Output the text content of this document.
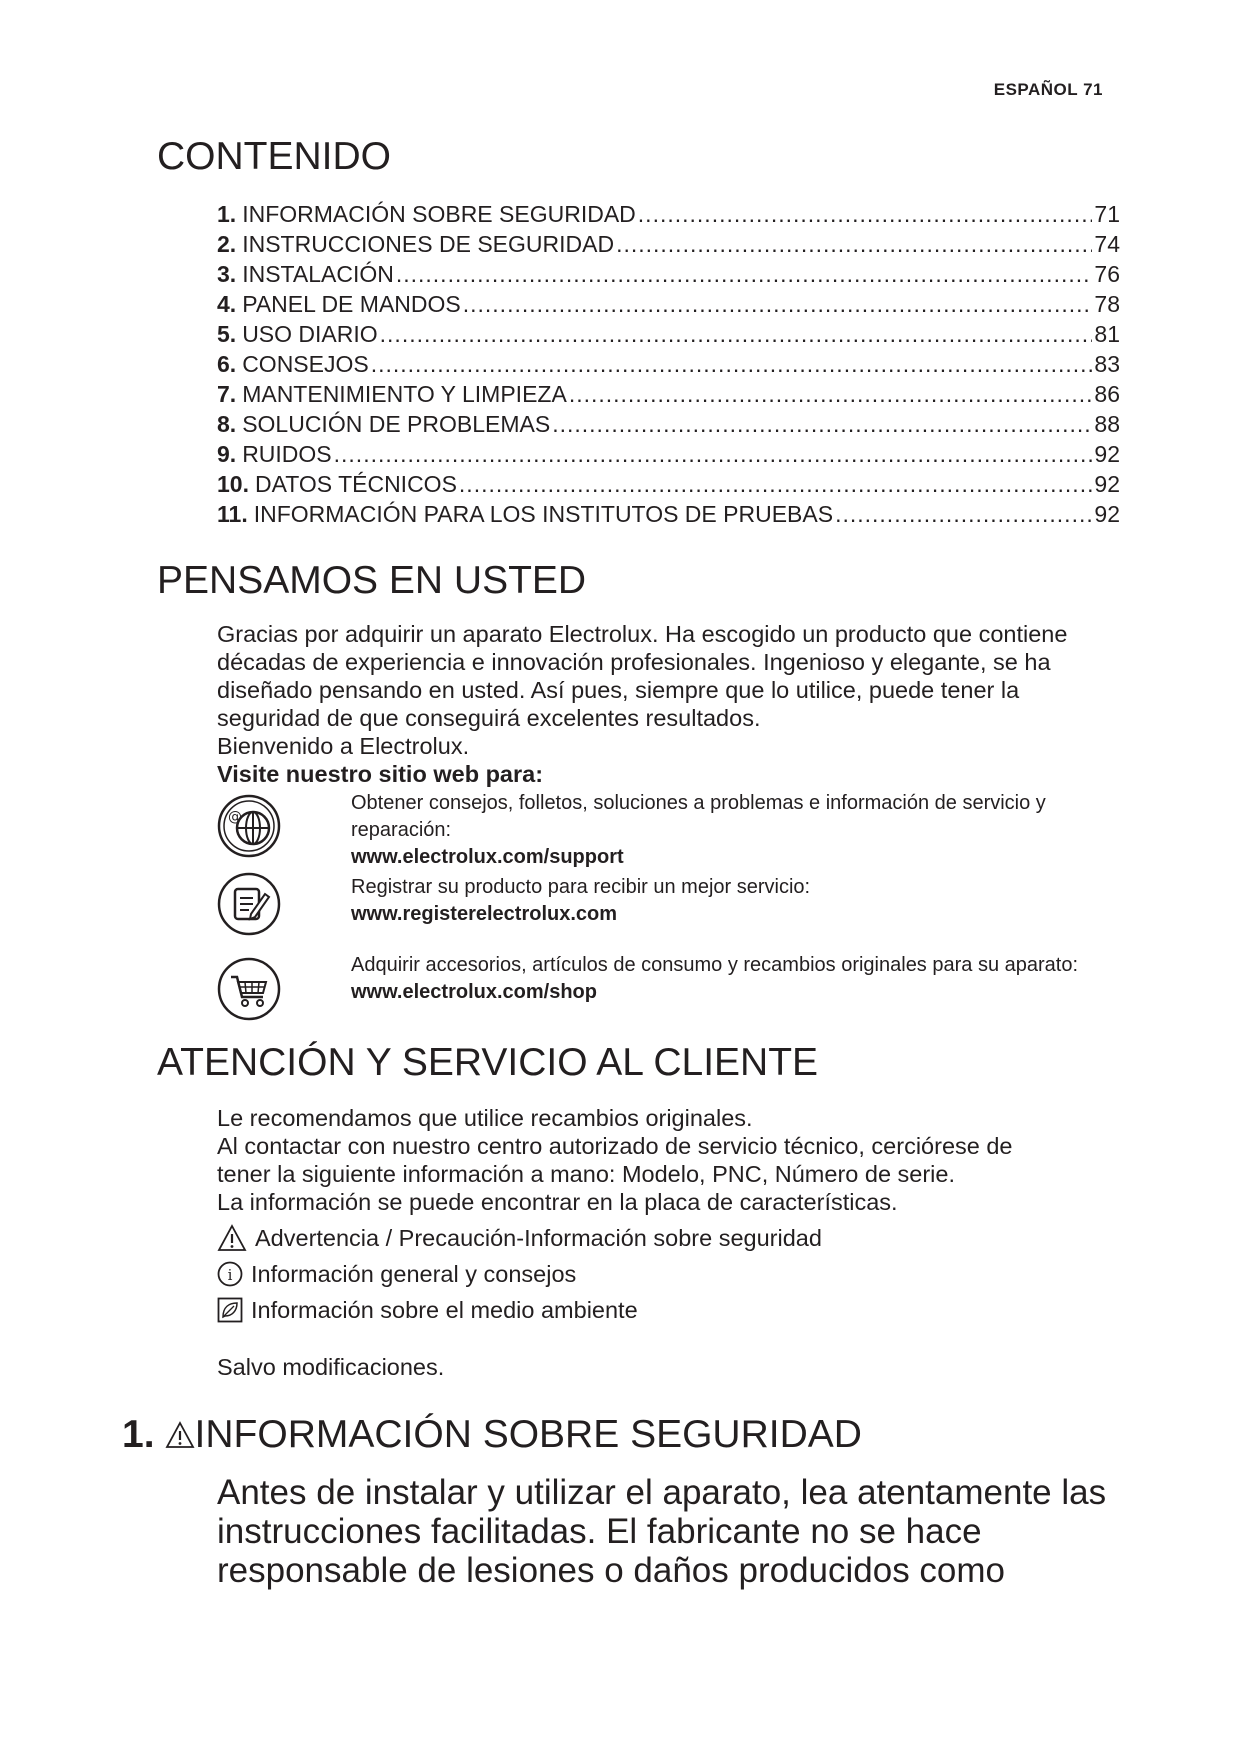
ESPAÑOL 71
CONTENIDO
1. INFORMACIÓN SOBRE SEGURIDAD .....	71
2. INSTRUCCIONES DE SEGURIDAD .....	74
3. INSTALACIÓN .....	76
4. PANEL DE MANDOS .....	78
5. USO DIARIO .....	81
6. CONSEJOS .....	83
7. MANTENIMIENTO Y LIMPIEZA .....	86
8. SOLUCIÓN DE PROBLEMAS .....	88
9. RUIDOS .....	92
10. DATOS TÉCNICOS .....	92
11. INFORMACIÓN PARA LOS INSTITUTOS DE PRUEBAS .....	92
PENSAMOS EN USTED

Gracias por adquirir un aparato Electrolux. Ha escogido un producto que contiene

décadas de experiencia e innovación profesionales. Ingenioso y elegante, se ha

diseñado pensando en usted. Así pues, siempre que lo utilice, puede tener la

seguridad de que conseguirá excelentes resultados.

Bienvenido a Electrolux.

Visite nuestro sitio web para:

@
Obtener consejos, folletos, soluciones a problemas e información de servicio y reparación:
www.electrolux.com/support
Registrar su producto para recibir un mejor servicio:
www.registerelectrolux.com
Adquirir accesorios, artículos de consumo y recambios originales para su aparato:
www.electrolux.com/shop
ATENCIÓN Y SERVICIO AL CLIENTE

Le recomendamos que utilice recambios originales.

Al contactar con nuestro centro autorizado de servicio técnico, cerciórese de

tener la siguiente información a mano: Modelo, PNC, Número de serie.

La información se puede encontrar en la placa de características.

Advertencia / Precaución-Información sobre seguridad
i Información general y consejos
Información sobre el medio ambiente
Salvo modificaciones.
1. INFORMACIÓN SOBRE SEGURIDAD
Antes de instalar y utilizar el aparato, lea atentamente las instrucciones facilitadas. El fabricante no se hace responsable de lesiones o daños producidos como
